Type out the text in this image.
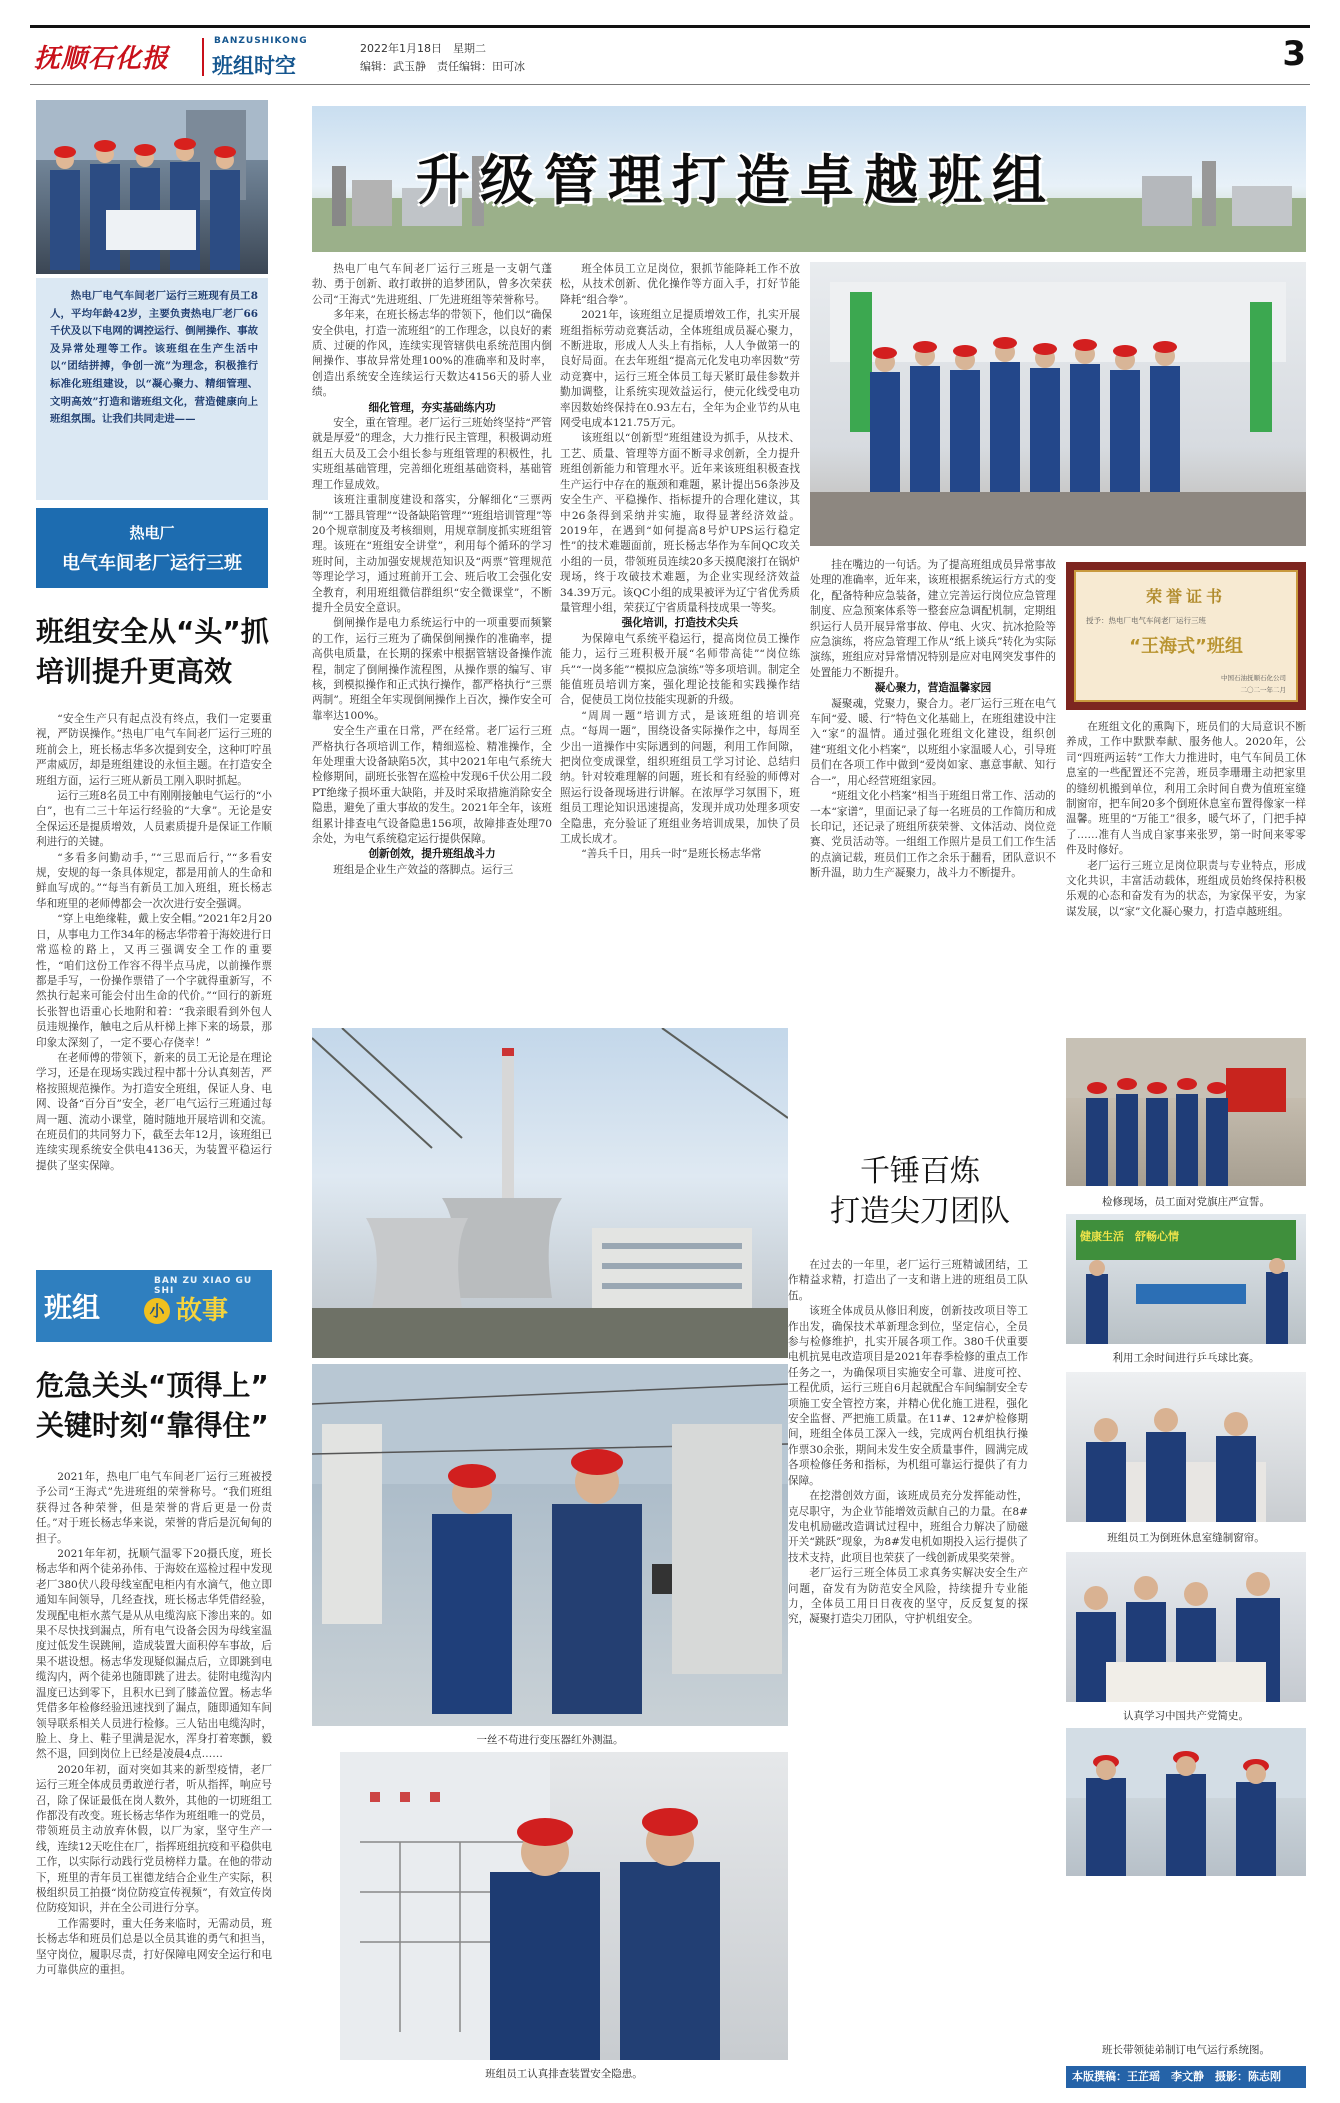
抚顺石化报
BANZUSHIKONG
班组时空
2022年1月18日　星期二
编辑：武玉静　责任编辑：田可冰	3
热电厂电气车间老厂运行三班现有员工8人，平均年龄42岁，主要负责热电厂老厂66千伏及以下电网的调控运行、倒闸操作、事故及异常处理等工作。该班组在生产生活中以“团结拼搏，争创一流”为理念，积极推行标准化班组建设，以“凝心聚力、精细管理、文明高效”打造和谐班组文化，营造健康向上班组氛围。让我们共同走进——
热电厂
电气车间老厂运行三班
班组安全从“头”抓
培训提升更高效

“安全生产只有起点没有终点，我们一定要重视，严防误操作。”热电厂电气车间老厂运行三班的班前会上，班长杨志华多次提到安全，这种叮咛虽严肃威厉，却是班组建设的永恒主题。在打造安全班组方面，运行三班从新员工刚入职时抓起。

运行三班8名员工中有刚刚接触电气运行的“小白”，也有二三十年运行经验的“大拿”。无论是安全保运还是提质增效，人员素质提升是保证工作顺利进行的关键。

“多看多问勤动手，”“三思而后行，”“多看安规，安规的每一条具体规定，都是用前人的生命和鲜血写成的。”“每当有新员工加入班组，班长杨志华和班里的老师傅都会一次次进行安全强调。

“穿上电绝缘鞋，戴上安全帽。”2021年2月20日，从事电力工作34年的杨志华带着于海姣进行日常巡检的路上，又再三强调安全工作的重要性，“咱们这份工作容不得半点马虎，以前操作票都是手写，一份操作票错了一个字就得重新写，不然执行起来可能会付出生命的代价。”“回行的新班长张智也语重心长地附和着：“我亲眼看到外包人员违规操作，触电之后从杆梯上摔下来的场景，那印象太深刻了，一定不要心存侥幸！”

在老师傅的带领下，新来的员工无论是在理论学习，还是在现场实践过程中都十分认真刻苦，严格按照规范操作。为打造安全班组，保证人身、电网、设备“百分百”安全，老厂电气运行三班通过每周一题、流动小课堂，随时随地开展培训和交流。在班员们的共同努力下，截至去年12月，该班组已连续实现系统安全供电4136天，为装置平稳运行提供了坚实保障。

BAN ZU XIAO GU SHI
班组	小 故事
危急关头“顶得上”
关键时刻“靠得住”

2021年，热电厂电气车间老厂运行三班被授予公司“王海式”先进班组的荣誉称号。“我们班组获得过各种荣誉，但是荣誉的背后更是一份责任。”对于班长杨志华来说，荣誉的背后是沉甸甸的担子。

2021年年初，抚顺气温零下20摄氏度，班长杨志华和两个徒弟孙伟、于海姣在巡检过程中发现老厂380伏八段母线室配电柜内有水滴气，他立即通知车间领导，几经查找，班长杨志华凭借经验，发现配电柜水蒸气是从从电缆沟底下渗出来的。如果不尽快找到漏点，所有电气设备会因为母线室温度过低发生误跳闸，造成装置大面积停车事故，后果不堪设想。杨志华发现疑似漏点后，立即跳到电缆沟内，两个徒弟也随即跳了进去。徒附电缆沟内温度已达到零下，且积水已到了膝盖位置。杨志华凭借多年检修经验迅速找到了漏点，随即通知车间领导联系相关人员进行检修。三人钻出电缆沟时，脸上、身上、鞋子里满是泥水，浑身打着寒颤，毅然不退，回到岗位上已经是凌晨4点……

2020年初，面对突如其来的新型疫情，老厂运行三班全体成员勇敢逆行者，听从指挥，响应号召，除了保证最低在岗人数外，其他的一切班组工作都没有改变。班长杨志华作为班组唯一的党员，带领班员主动放弃休假，以厂为家，坚守生产一线，连续12天吃住在厂，指挥班组抗疫和平稳供电工作，以实际行动践行党员榜样力量。在他的带动下，班里的青年员工崔德龙结合企业生产实际，积极组织员工拍摄“岗位防疫宣传视频”，有效宣传岗位防疫知识，并在全公司进行分享。

工作需要时，重大任务来临时，无需动员，班长杨志华和班员们总是以全员其谁的勇气和担当，坚守岗位，履职尽责，打好保障电网安全运行和电力可靠供应的重担。

升级管理打造卓越班组

热电厂电气车间老厂运行三班是一支朝气蓬勃、勇于创新、敢打敢拼的追梦团队，曾多次荣获公司“王海式”先进班组、厂先进班组等荣誉称号。

多年来，在班长杨志华的带领下，他们以“确保安全供电，打造一流班组”的工作理念，以良好的素质、过硬的作风，连续实现管辖供电系统范围内倒闸操作、事故异常处理100%的准确率和及时率，创造出系统安全连续运行天数达4156天的骄人业绩。

细化管理，夯实基础练内功

安全，重在管理。老厂运行三班始终坚持“严管就是厚爱”的理念，大力推行民主管理，积极调动班组五大员及工会小组长参与班组管理的积极性，扎实班组基础管理，完善细化班组基础资料，基础管理工作显成效。

该班注重制度建设和落实，分解细化“三票两制”“工器具管理”“设备缺陷管理”“班组培训管理”等20个规章制度及考核细则，用规章制度抓实班组管理。该班在“班组安全讲堂”，利用每个循环的学习班时间，主动加强安规规范知识及“两票”管理规范等理论学习，通过班前开工会、班后收工会强化安全教育，利用班组微信群组织“安全微课堂”，不断提升全员安全意识。

倒闸操作是电力系统运行中的一项重要而频繁的工作，运行三班为了确保倒闸操作的准确率，提高供电质量，在长期的探索中根据管辖设备操作流程，制定了倒闸操作流程图，从操作票的编写、审核，到模拟操作和正式执行操作，都严格执行“三票两制”。班组全年实现倒闸操作上百次，操作安全可靠率达100%。

安全生产重在日常，严在经常。老厂运行三班严格执行各项培训工作，精细巡检、精准操作，全年处理重大设备缺陷5次，其中2021年电气系统大检修期间，副班长张智在巡检中发现6千伏公用二段PT绝缘子损坏重大缺陷，并及时采取措施消除安全隐患，避免了重大事故的发生。2021年全年，该班组累计排查电气设备隐患156项，故障排查处理70余处，为电气系统稳定运行提供保障。

创新创效，提升班组战斗力

班组是企业生产效益的落脚点。运行三

班全体员工立足岗位，狠抓节能降耗工作不放松，从技术创新、优化操作等方面入手，打好节能降耗“组合拳”。

2021年，该班组立足提质增效工作，扎实开展班组指标劳动竞赛活动，全体班组成员凝心聚力，不断进取，形成人人头上有指标，人人争做第一的良好局面。在去年班组“提高元化发电功率因数”劳动竞赛中，运行三班全体员工每天紧盯最佳参数并勤加调整，让系统实现效益运行，使元化线受电功率因数始终保持在0.93左右，全年为企业节约从电网受电成本121.75万元。

该班组以“创新型”班组建设为抓手，从技术、工艺、质量、管理等方面不断寻求创新，全力提升班组创新能力和管理水平。近年来该班组积极查找生产运行中存在的瓶颈和难题，累计提出56条涉及安全生产、平稳操作、指标提升的合理化建议，其中26条得到采纳并实施，取得显著经济效益。2019年，在遇到“如何提高8号炉UPS运行稳定性”的技术难题面前，班长杨志华作为车间QC攻关小组的一员，带领班员连续20多天摸爬滚打在锅炉现场，终于攻破技术难题，为企业实现经济效益34.39万元。该QC小组的成果被评为辽宁省优秀质量管理小组，荣获辽宁省质量科技成果一等奖。

强化培训，打造技术尖兵

为保障电气系统平稳运行，提高岗位员工操作能力，运行三班积极开展“名师带高徒”“岗位练兵”“一岗多能”“模拟应急演练”等多项培训。制定全能值班员培训方案，强化理论技能和实践操作结合，促使员工岗位技能实现新的升级。

“周周一题”培训方式，是该班组的培训亮点。“每周一题”，围绕设备实际操作之中，每周至少出一道操作中实际遇到的问题，利用工作间隙，把岗位变成课堂，组织班组员工学习讨论、总结归纳。针对较难理解的问题，班长和有经验的师傅对照运行设备现场进行讲解。在浓厚学习氛围下，班组员工理论知识迅速提高，发现并成功处理多项安全隐患，充分验证了班组业务培训成果，加快了员工成长成才。

“善兵千日，用兵一时”是班长杨志华常

挂在嘴边的一句话。为了提高班组成员异常事故处理的准确率，近年来，该班根据系统运行方式的变化，配备特种应急装备，建立完善运行岗位应急管理制度、应急预案体系等一整套应急调配机制，定期组织运行人员开展异常事故、停电、火灾、抗冰抢险等应急演练，将应急管理工作从“纸上谈兵”转化为实际演练，班组应对异常情况特别是应对电网突发事件的处置能力不断提升。

凝心聚力，营造温馨家园

凝聚魂，党聚力，聚合力。老厂运行三班在电气车间“爱、暖、行”特色文化基础上，在班组建设中注入“家”的温情。通过强化班组文化建设，组织创建“班组文化小档案”，以班组小家温暖人心，引导班员们在各项工作中做到“爱岗如家、惠意事献、知行合一”，用心经营班组家园。

“班组文化小档案”相当于班组日常工作、活动的一本“家谱”，里面记录了每一名班员的工作简历和成长印记，还记录了班组所获荣誉、文体活动、岗位竞赛、党员活动等。一组组工作照片是员工们工作生活的点滴记载，班员们工作之余乐于翻看，团队意识不断升温，助力生产凝聚力，战斗力不断提升。

荣誉证书
授予：热电厂电气车间老厂运行三班
“王海式”班组
中国石油抚顺石化公司
二〇二一年二月

在班组文化的熏陶下，班员们的大局意识不断养成，工作中默默奉献、服务他人。2020年，公司“四班两运转”工作大力推进时，电气车间员工休息室的一些配置还不完善，班员李珊珊主动把家里的缝纫机搬到单位，利用工余时间自费为值班室缝制窗帘，把车间20多个倒班休息室布置得像家一样温馨。班里的“万能工”很多，暖气坏了，门把手掉了……准有人当成自家事来张罗，第一时间来零零件及时修好。

老厂运行三班立足岗位职责与专业特点，形成文化共识，丰富活动载体，班组成员始终保持积极乐观的心态和奋发有为的状态，为家保平安，为家谋发展，以“家”文化凝心聚力，打造卓越班组。

千锤百炼
打造尖刀团队

在过去的一年里，老厂运行三班精诚团结，工作精益求精，打造出了一支和谐上进的班组员工队伍。

该班全体成员从修旧利废，创新技改项目等工作出发，确保技术革新理念到位，坚定信心，全员参与检修维护，扎实开展各项工作。380千伏重要电机抗晃电改造项目是2021年春季检修的重点工作任务之一，为确保项目实施安全可靠、进度可控、工程优质，运行三班自6月起就配合车间编制安全专项施工安全管控方案，并精心优化施工进程，强化安全监督、严把施工质量。在11#、12#炉检修期间，班组全体员工深入一线，完成两台机组执行操作票30余张，期间未发生安全质量事件，圆满完成各项检修任务和指标，为机组可靠运行提供了有力保障。

在挖潜创效方面，该班成员充分发挥能动性，克尽职守，为企业节能增效贡献自己的力量。在8#发电机励磁改造调试过程中，班组合力解决了励磁开关“跳跃”现象，为8#发电机如期投入运行提供了技术支持，此项目也荣获了一线创新成果奖荣誉。

老厂运行三班全体员工求真务实解决安全生产问题，奋发有为防范安全风险，持续提升专业能力，全体员工用日日夜夜的坚守，反反复复的探究，凝聚打造尖刀团队，守护机组安全。

一丝不苟进行变压器红外测温。
班组员工认真排查装置安全隐患。
检修现场，员工面对党旗庄严宣誓。
健康生活　舒畅心情
利用工余时间进行乒乓球比赛。
班组员工为倒班休息室缝制窗帘。
认真学习中国共产党简史。
班长带领徒弟制订电气运行系统图。
本版撰稿：王芷瑶　李文静　摄影：陈志刚
